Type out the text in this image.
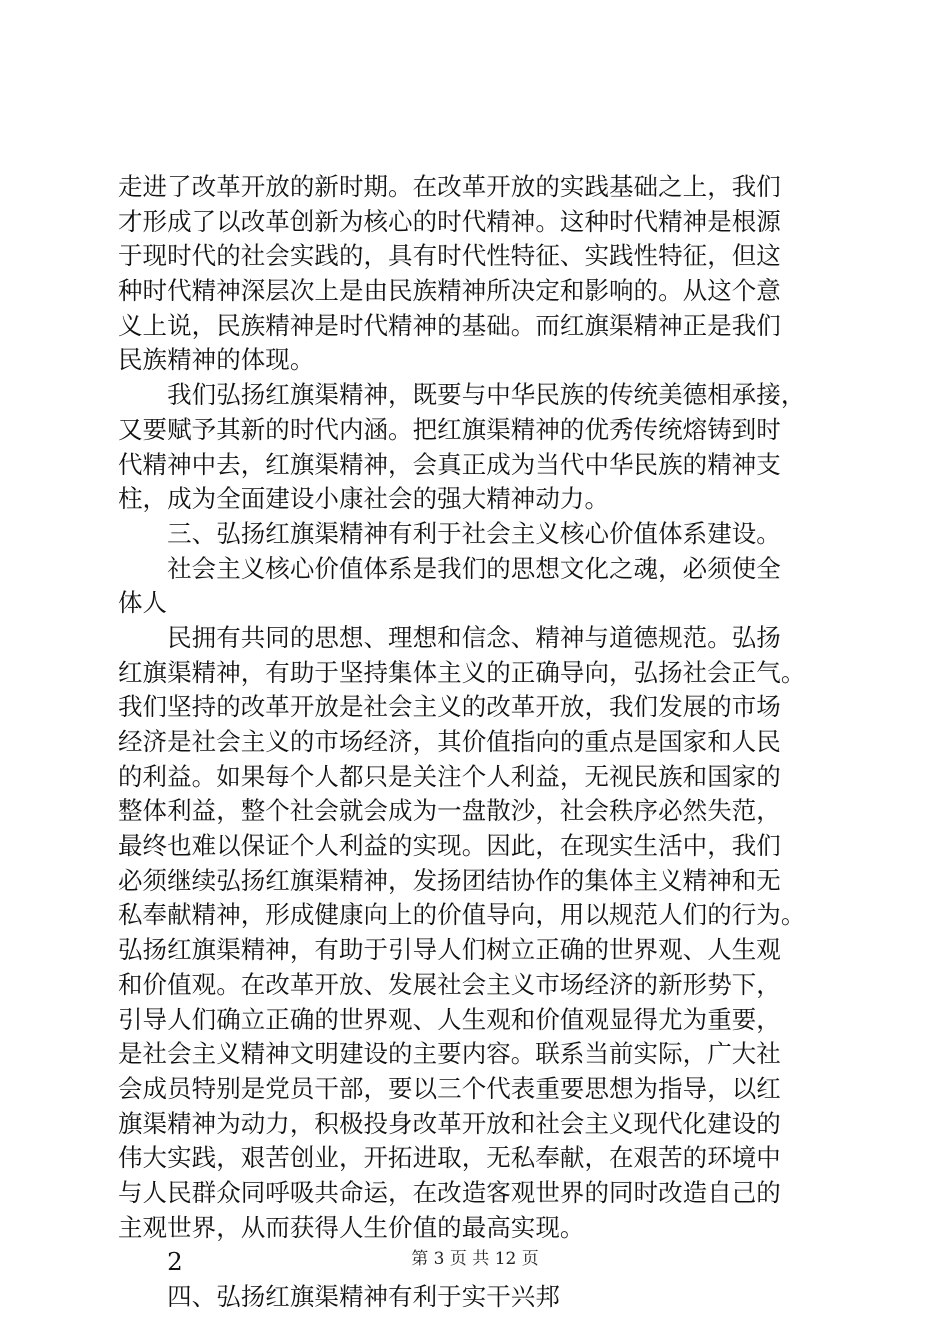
走进了改革开放的新时期。在改革开放的实践基础之上，我们
才形成了以改革创新为核心的时代精神。这种时代精神是根源
于现时代的社会实践的，具有时代性特征、实践性特征，但这
种时代精神深层次上是由民族精神所决定和影响的。从这个意
义上说，民族精神是时代精神的基础。而红旗渠精神正是我们
民族精神的体现。
　　我们弘扬红旗渠精神，既要与中华民族的传统美德相承接，
又要赋予其新的时代内涵。把红旗渠精神的优秀传统熔铸到时
代精神中去，红旗渠精神，会真正成为当代中华民族的精神支
柱，成为全面建设小康社会的强大精神动力。
　　三、弘扬红旗渠精神有利于社会主义核心价值体系建设。
　　社会主义核心价值体系是我们的思想文化之魂，必须使全
体人
　　民拥有共同的思想、理想和信念、精神与道德规范。弘扬
红旗渠精神，有助于坚持集体主义的正确导向，弘扬社会正气。
我们坚持的改革开放是社会主义的改革开放，我们发展的市场
经济是社会主义的市场经济，其价值指向的重点是国家和人民
的利益。如果每个人都只是关注个人利益，无视民族和国家的
整体利益，整个社会就会成为一盘散沙，社会秩序必然失范，
最终也难以保证个人利益的实现。因此，在现实生活中，我们
必须继续弘扬红旗渠精神，发扬团结协作的集体主义精神和无
私奉献精神，形成健康向上的价值导向，用以规范人们的行为。
弘扬红旗渠精神，有助于引导人们树立正确的世界观、人生观
和价值观。在改革开放、发展社会主义市场经济的新形势下，
引导人们确立正确的世界观、人生观和价值观显得尤为重要，
是社会主义精神文明建设的主要内容。联系当前实际，广大社
会成员特别是党员干部，要以三个代表重要思想为指导，以红
旗渠精神为动力，积极投身改革开放和社会主义现代化建设的
伟大实践，艰苦创业，开拓进取，无私奉献，在艰苦的环境中
与人民群众同呼吸共命运，在改造客观世界的同时改造自己的
主观世界，从而获得人生价值的最高实现。
　　2
　　四、弘扬红旗渠精神有利于实干兴邦
第 3 页 共 12 页
